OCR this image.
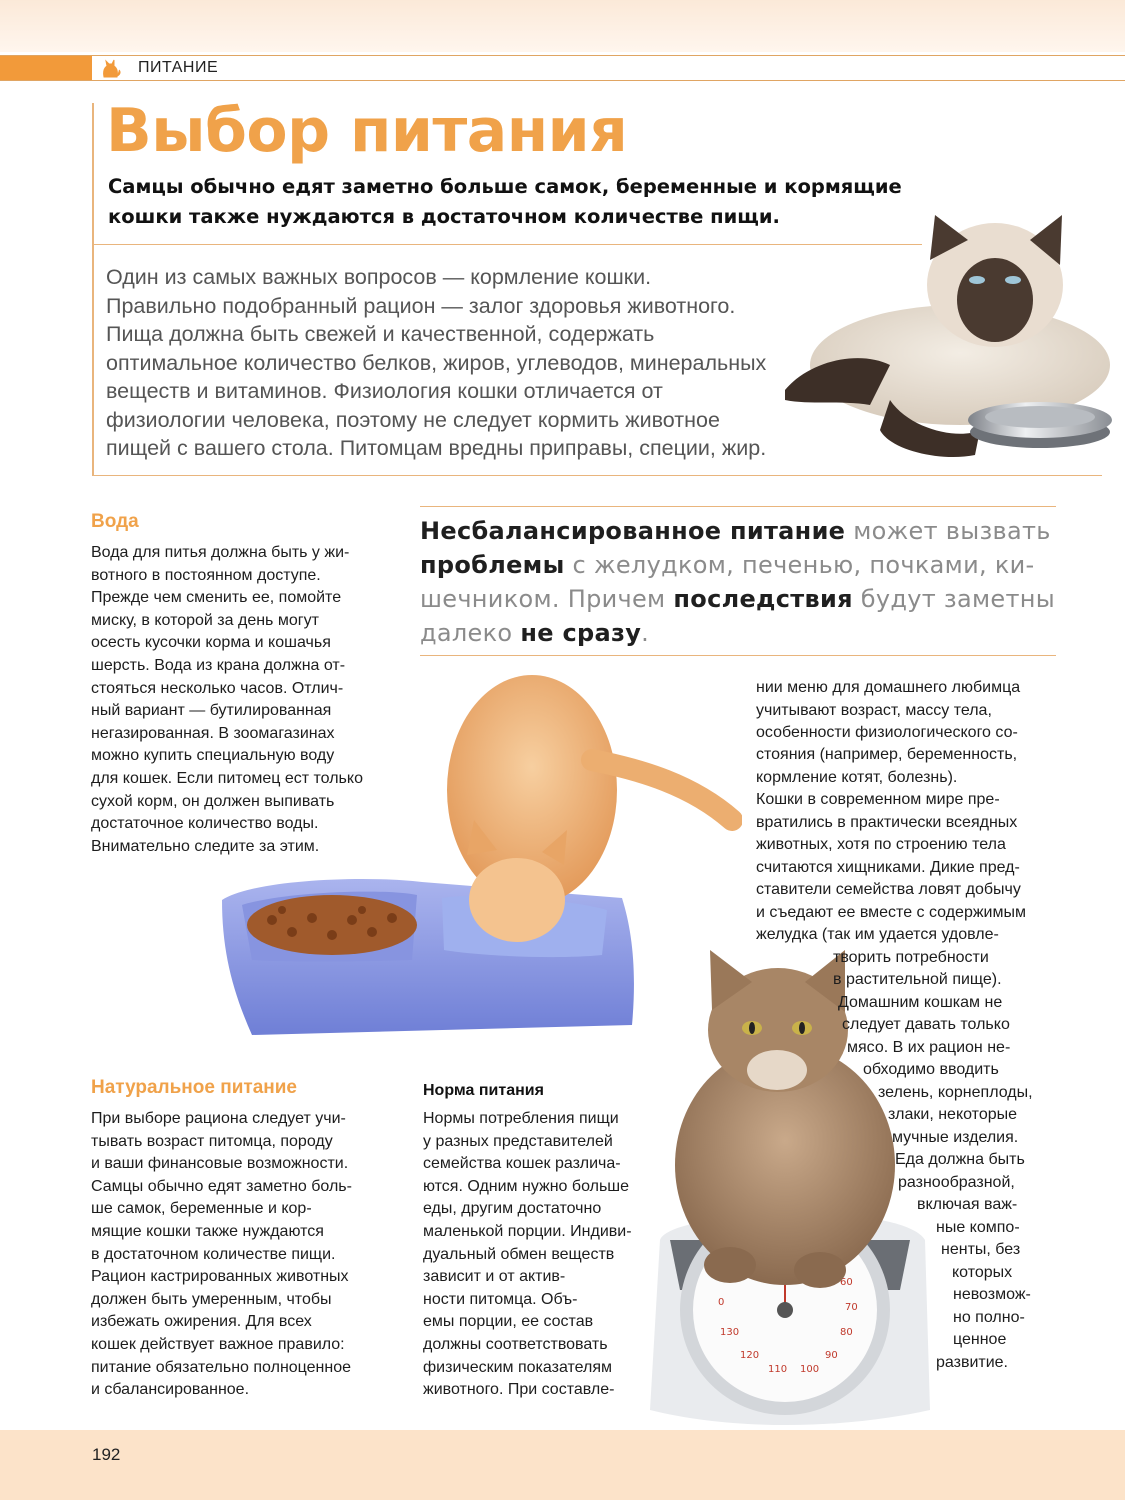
ПИТАНИЕ
Выбор питания
Самцы обычно едят заметно больше самок, беременные и кормящие кошки также нуждаются в достаточном количестве пищи.
Один из самых важных вопросов — кормление кошки.
Правильно подобранный рацион — залог здоровья животного.
Пища должна быть свежей и качественной, содержать
оптимальное количество белков, жиров, углеводов, минеральных
веществ и витаминов. Физиология кошки отличается от
физиологии человека, поэтому не следует кормить животное
пищей с вашего стола. Питомцам вредны приправы, специи, жир.
Вода
Вода для питья должна быть у жи-
вотного в постоянном доступе.
Прежде чем сменить ее, помойте
миску, в которой за день могут
осесть кусочки корма и кошачья
шерсть. Вода из крана должна от-
стояться несколько часов. Отлич-
ный вариант — бутилированная
негазированная. В зоомагазинах
можно купить специальную воду
для кошек. Если питомец ест только
сухой корм, он должен выпивать
достаточное количество воды.
Внимательно следите за этим.
Несбалансированное питание может вызвать
проблемы с желудком, печенью, почками, ки-
шечником. Причем последствия будут заметны
далеко не сразу.
Натуральное питание
При выборе рациона следует учи-
тывать возраст питомца, породу
и ваши финансовые возможности.
Самцы обычно едят заметно боль-
ше самок, беременные и кор-
мящие кошки также нуждаются
в достаточном количестве пищи.
Рацион кастрированных животных
должен быть умеренным, чтобы
избежать ожирения. Для всех
кошек действует важное правило:
питание обязательно полноценное
и сбалансированное.
Норма питания
Нормы потребления пищи
у разных представителей
семейства кошек различа-
ются. Одним нужно больше
еды, другим достаточно
маленькой порции. Индиви-
дуальный обмен веществ
зависит и от актив-
ности питомца. Объ-
емы порции, ее состав
должны соответствовать
физическим показателям
животного. При составле-
60
70
80
90
100
110
120
130
0

нии меню для домашнего любимца

учитывают возраст, массу тела,

особенности физиологического со-

стояния (например, беременность,

кормление котят, болезнь).

Кошки в современном мире пре-

вратились в практически всеядных

животных, хотя по строению тела

считаются хищниками. Дикие пред-

ставители семейства ловят добычу

и съедают ее вместе с содержимым

желудка (так им удается удовле-

творить потребности

в растительной пище).

Домашним кошкам не

следует давать только

мясо. В их рацион не-

обходимо вводить

зелень, корнеплоды,

злаки, некоторые

мучные изделия.

Еда должна быть

разнообразной,

включая важ-

ные компо-

ненты, без

которых

невозмож-

но полно-

ценное

развитие.

192
